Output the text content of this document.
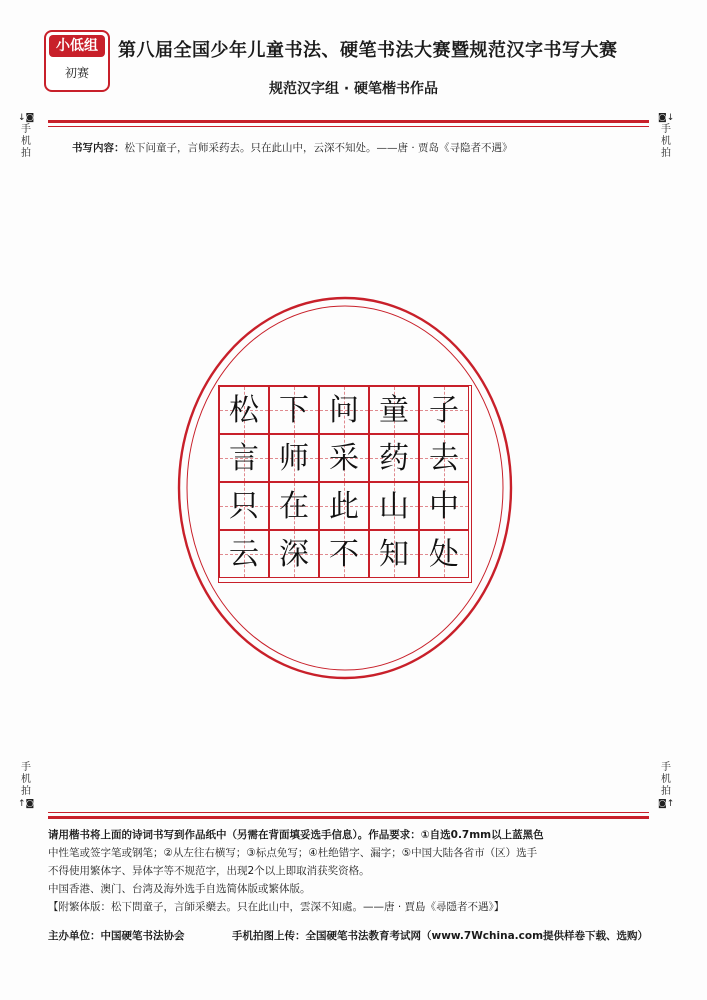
小低组
初赛
第八届全国少年儿童书法、硬笔书法大赛暨规范汉字书写大赛
规范汉字组 · 硬笔楷书作品
↓◙
手
机
拍
◙↓
手
机
拍
书写内容：松下问童子，言师采药去。只在此山中，云深不知处。——唐 · 贾岛《寻隐者不遇》
松 下 问 童 子
言 师 采 药 去
只 在 此 山 中
云 深 不 知 处
手
机
拍
↑◙
手
机
拍
◙↑

请用楷书将上面的诗词书写到作品纸中（另需在背面填妥选手信息）。作品要求：①自选0.7mm以上蓝黑色

中性笔或签字笔或钢笔；②从左往右横写；③标点免写；④杜绝错字、漏字；⑤中国大陆各省市（区）选手

不得使用繁体字、异体字等不规范字，出现2个以上即取消获奖资格。

中国香港、澳门、台湾及海外选手自选简体版或繁体版。

【附繁体版：松下問童子，言師采藥去。只在此山中，雲深不知處。——唐 · 賈島《尋隱者不遇》】

主办单位：中国硬笔书法协会	手机拍图上传：全国硬笔书法教育考试网（www.7Wchina.com提供样卷下载、选购）
